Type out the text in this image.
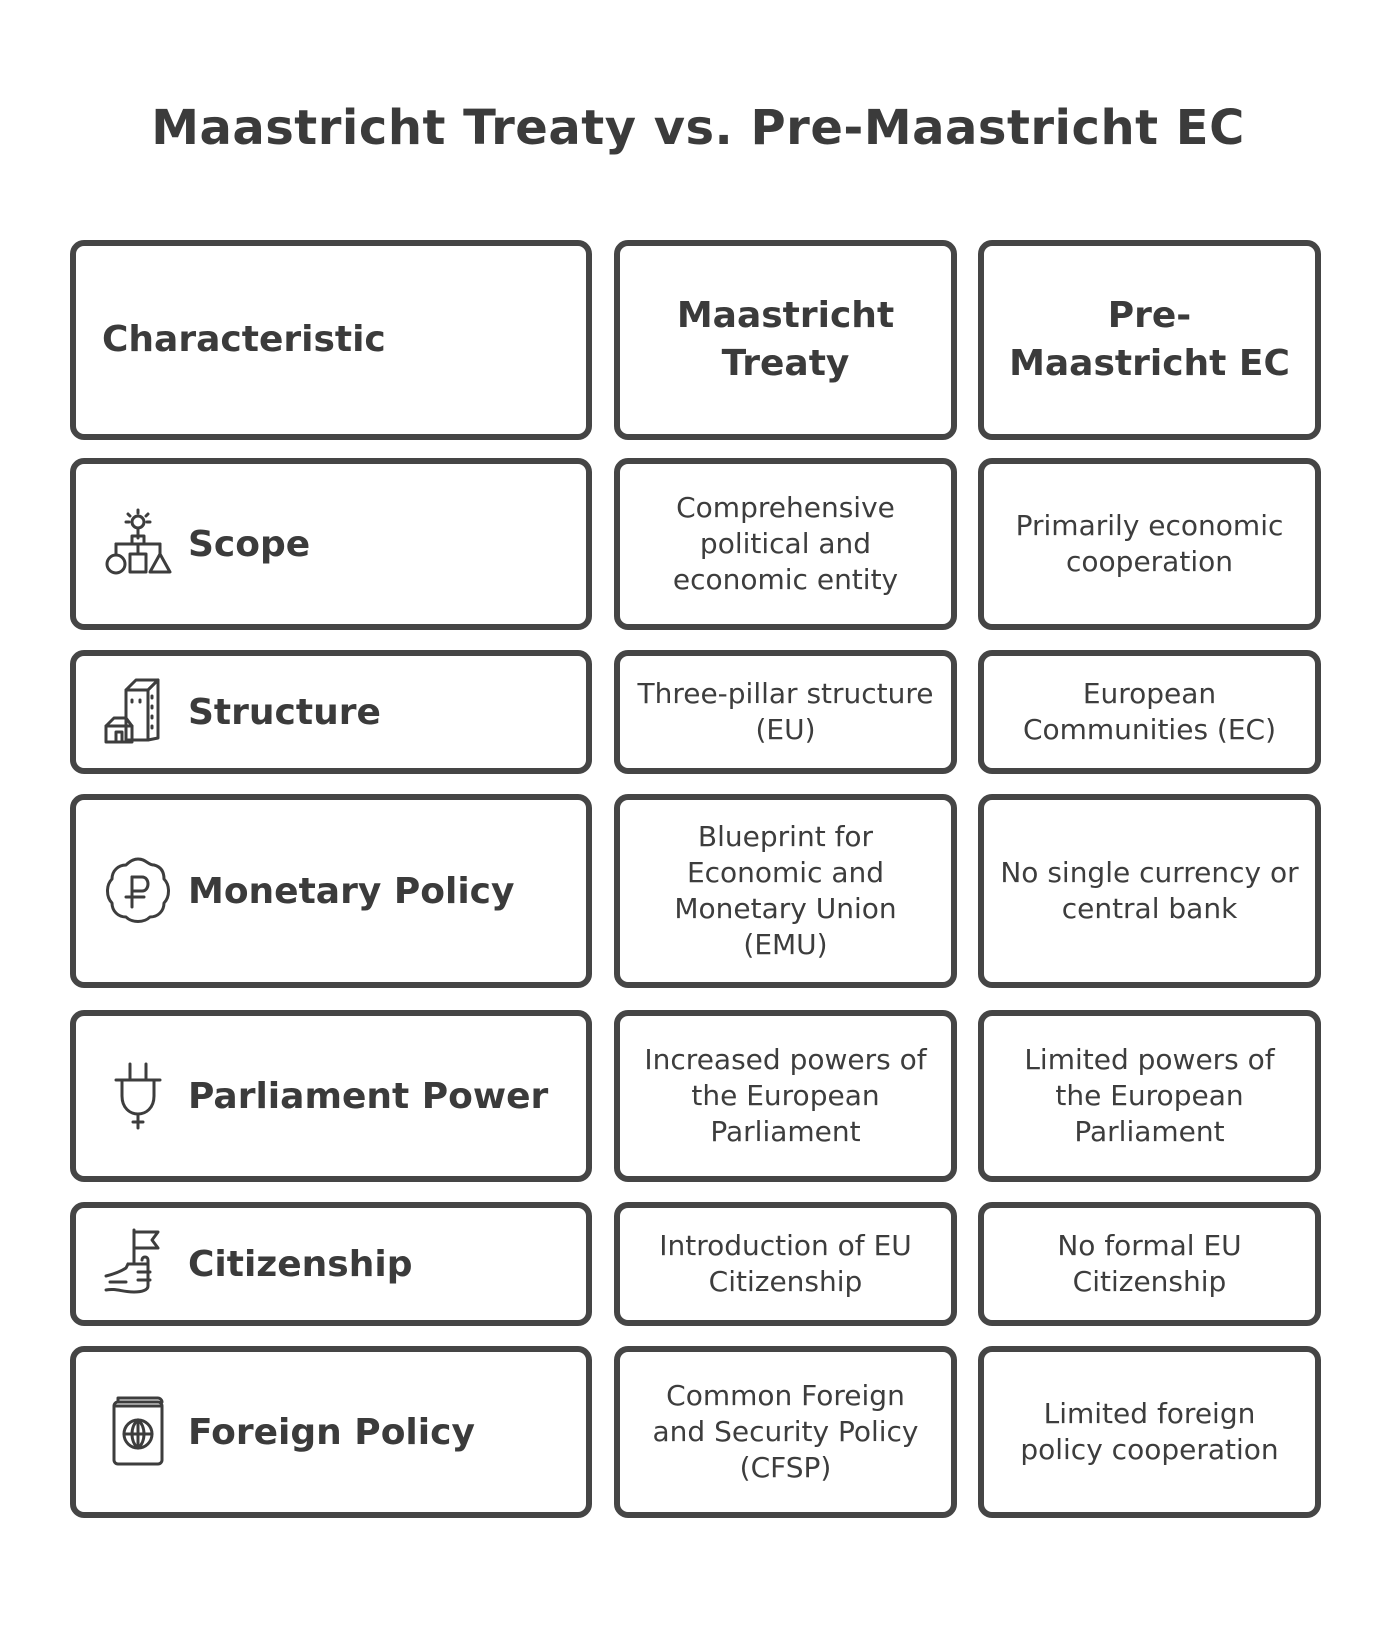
Maastricht Treaty vs. Pre-Maastricht EC
Characteristic
Maastricht Treaty
Pre-Maastricht EC
Scope
Comprehensive political and economic entity
Primarily economic cooperation
Structure	Three-pillar structure (EU)
European Communities (EC)
Monetary Policy
Blueprint for Economic and Monetary Union (EMU)
No single currency or central bank
Parliament Power
Increased powers of the European Parliament
Limited powers of the European Parliament
Citizenship	Introduction of EU Citizenship
No formal EU Citizenship
Foreign Policy
Common Foreign and Security Policy (CFSP)
Limited foreign policy cooperation
